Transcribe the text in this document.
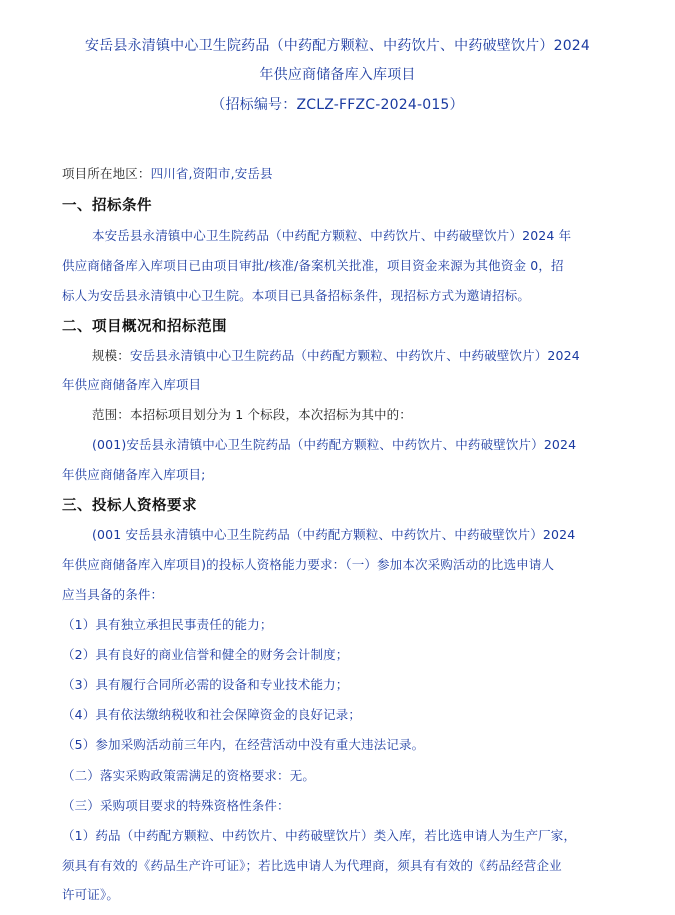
安岳县永清镇中心卫生院药品（中药配方颗粒、中药饮片、中药破壁饮片）2024
年供应商储备库入库项目
（招标编号：ZCLZ-FFZC-2024-015）
项目所在地区：四川省,资阳市,安岳县
一、招标条件
本安岳县永清镇中心卫生院药品（中药配方颗粒、中药饮片、中药破壁饮片）2024 年
供应商储备库入库项目已由项目审批/核准/备案机关批准，项目资金来源为其他资金 0，招
标人为安岳县永清镇中心卫生院。本项目已具备招标条件，现招标方式为邀请招标。
二、项目概况和招标范围
规模：安岳县永清镇中心卫生院药品（中药配方颗粒、中药饮片、中药破壁饮片）2024
年供应商储备库入库项目
范围：本招标项目划分为 1 个标段，本次招标为其中的：
(001)安岳县永清镇中心卫生院药品（中药配方颗粒、中药饮片、中药破壁饮片）2024
年供应商储备库入库项目;
三、投标人资格要求
(001 安岳县永清镇中心卫生院药品（中药配方颗粒、中药饮片、中药破壁饮片）2024
年供应商储备库入库项目)的投标人资格能力要求：（一）参加本次采购活动的比选申请人
应当具备的条件：
（1）具有独立承担民事责任的能力；
（2）具有良好的商业信誉和健全的财务会计制度；
（3）具有履行合同所必需的设备和专业技术能力；
（4）具有依法缴纳税收和社会保障资金的良好记录；
（5）参加采购活动前三年内，在经营活动中没有重大违法记录。
（二）落实采购政策需满足的资格要求：无。
（三）采购项目要求的特殊资格性条件：
（1）药品（中药配方颗粒、中药饮片、中药破壁饮片）类入库，若比选申请人为生产厂家，
须具有有效的《药品生产许可证》；若比选申请人为代理商，须具有有效的《药品经营企业
许可证》。
